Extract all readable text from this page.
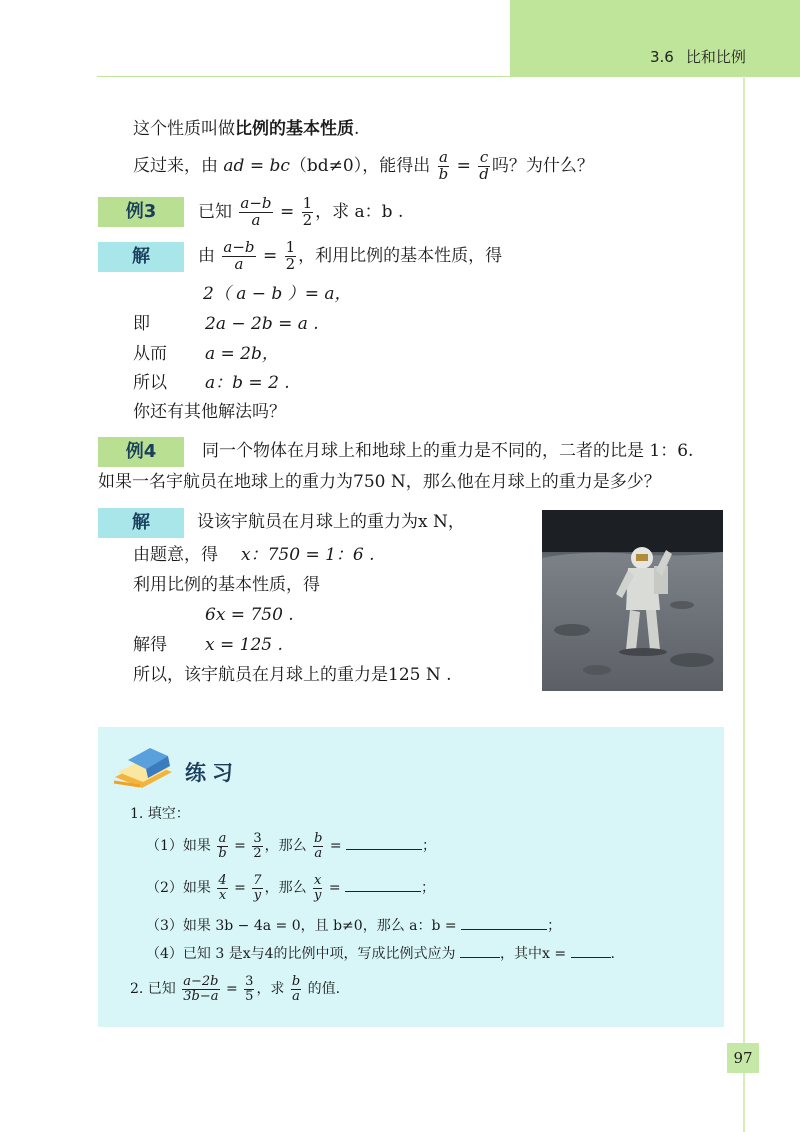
3.6 比和比例
这个性质叫做比例的基本性质.
反过来，由 ad = bc（bd≠0），能得出 $\frac{a}{b} = \frac{c}{d}$ 吗？为什么？
例3	已知 $\frac{a-b}{a} = \frac{1}{2}$ ，求 a：b .
解	由 $\frac{a-b}{a} = \frac{1}{2}$ ，利用比例的基本性质，得
2（ a − b ）= a，
即	2a − 2b = a .
从而 a = 2b，
所以 a：b = 2 .
你还有其他解法吗？
例4	同一个物体在月球上和地球上的重力是不同的，二者的比是 1：6.
如果一名宇航员在地球上的重力为750 N，那么他在月球上的重力是多少？
解	设该宇航员在月球上的重力为x N，
由题意，得 x：750 = 1：6 .
利用比例的基本性质，得
6x = 750 .
解得 x = 125 .
所以，该宇航员在月球上的重力是125 N .
练习
1. 填空：
（1）如果 $\frac{a}{b} = \frac{3}{2}$ ，那么 $\frac{b}{a}$ =	；
（2）如果 $\frac{4}{x} = \frac{7}{y}$ ，那么 $\frac{x}{y}$ =	；
（3）如果 3b − 4a = 0，且 b≠0，那么 a：b =	；
（4）已知 3 是x与4的比例中项，写成比例式应为	，其中x =	.
2. 已知 $\frac{a-2b}{3b-a} = \frac{3}{5}$ ，求 $\frac{b}{a}$ 的值.
97
